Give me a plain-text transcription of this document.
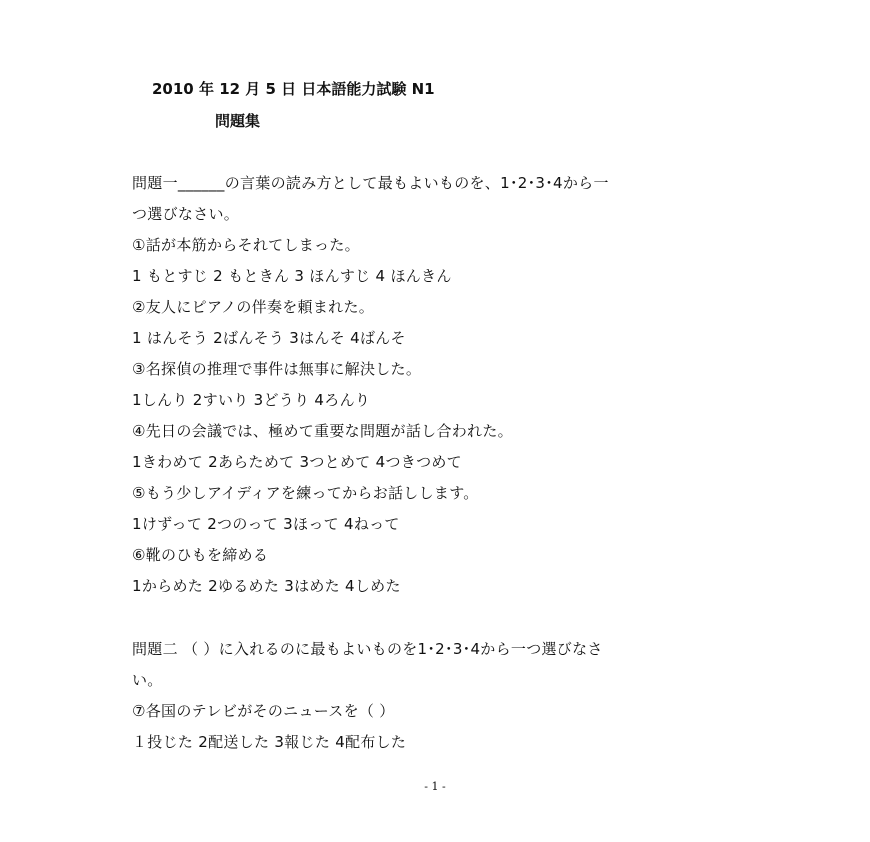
2010 年 12 月 5 日 日本語能力試験 N1
問題集
問題一______の言葉の読み方として最もよいものを、1･2･3･4から一
つ選びなさい。
①話が本筋からそれてしまった。
1 もとすじ 2 もときん 3 ほんすじ 4 ほんきん
②友人にピアノの伴奏を頼まれた。
1 はんそう 2ばんそう 3はんそ 4ばんそ
③名探偵の推理で事件は無事に解決した。
1しんり 2すいり 3どうり 4ろんり
④先日の会議では、極めて重要な問題が話し合われた。
1きわめて 2あらためて 3つとめて 4つきつめて
⑤もう少しアイディアを練ってからお話しします。
1けずって 2つのって 3ほって 4ねって
⑥靴のひもを締める
1からめた 2ゆるめた 3はめた 4しめた
問題二 （ ）に入れるのに最もよいものを1･2･3･4から一つ選びなさ
い。
⑦各国のテレビがそのニュースを（ ）
１投じた 2配送した 3報じた 4配布した
- 1 -
